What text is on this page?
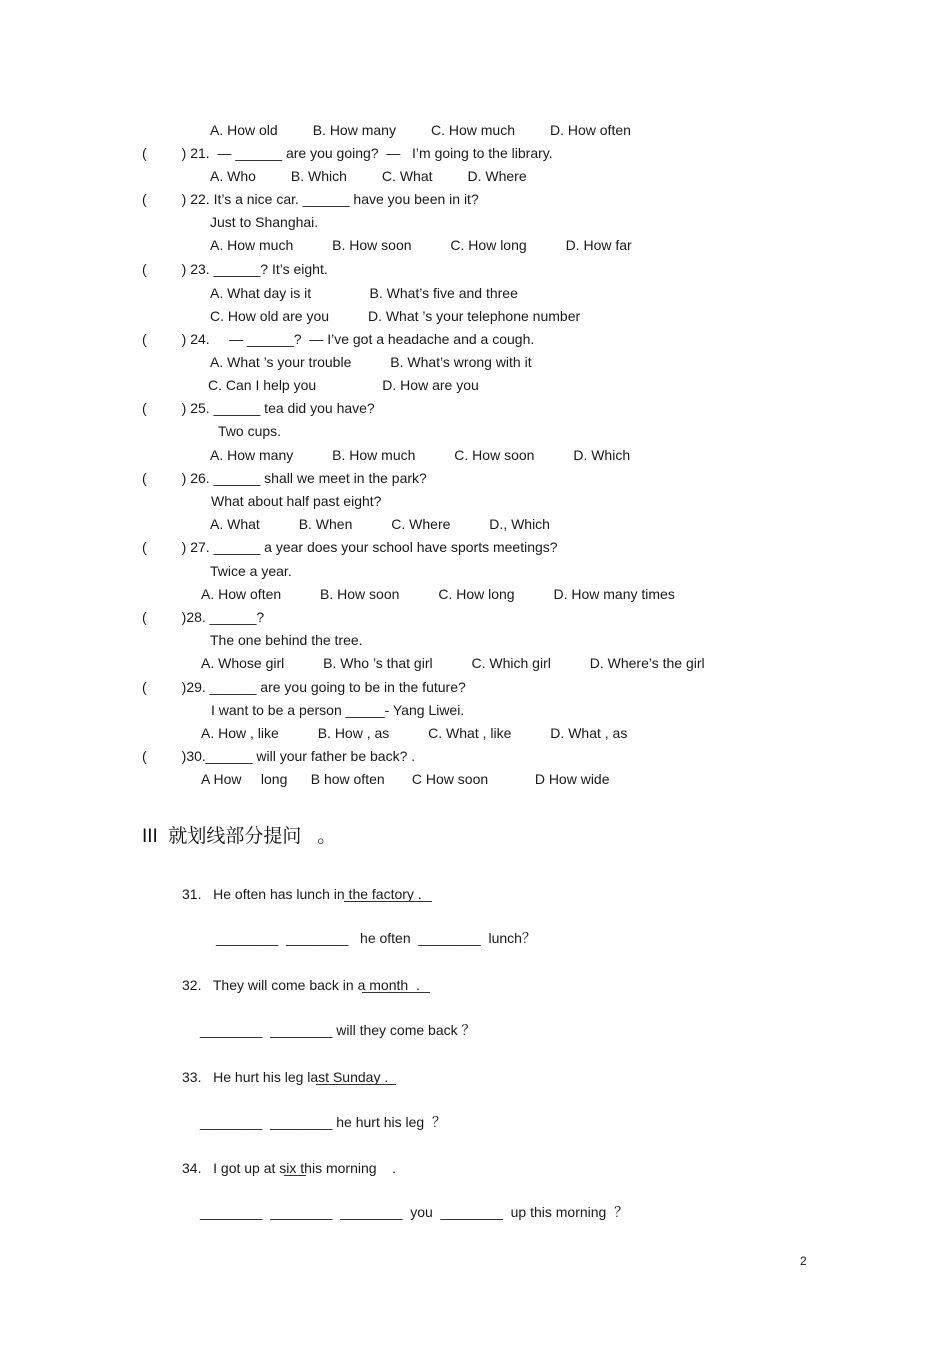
A. How old         B. How many         C. How much         D. How often
(         ) 21.  — ______ are you going?  —   I’m going to the library.
A. Who         B. Which         C. What         D. Where
(         ) 22. It’s a nice car. ______ have you been in it?
Just to Shanghai.
A. How much          B. How soon          C. How long          D. How far
(         ) 23. ______? It’s eight.
A. What day is it               B. What’s five and three
C. How old are you          D. What ’s your telephone number
(         ) 24.     — ______?  — I’ve got a headache and a cough.
A. What ’s your trouble          B. What’s wrong with it
C. Can I help you                 D. How are you
(         ) 25. ______ tea did you have?
Two cups.
A. How many          B. How much          C. How soon          D. Which
(         ) 26. ______ shall we meet in the park?
What about half past eight?
A. What          B. When          C. Where          D., Which
(         ) 27. ______ a year does your school have sports meetings?
Twice a year.
A. How often          B. How soon          C. How long          D. How many times
(         )28. ______?
The one behind the tree.
A. Whose girl          B. Who ’s that girl          C. Which girl          D. Where’s the girl
(         )29. ______ are you going to be in the future?
I want to be a person _____- Yang Liwei.
A. How , like          B. How , as          C. What , like          D. What , as
(         )30.______ will your father be back? .
A How     long      B how often       C How soon            D How wide
III  就划线部分提问   。
31.   He often has lunch in the factory .
________  ________   he often  ________  lunch？
32.   They will come back in a month  .
________  ________ will they come back ？
33.   He hurt his leg last Sunday .
________  ________ he hurt his leg  ？
34.   I got up at six this morning    .
________  ________  ________  you  ________  up this morning  ？
2
